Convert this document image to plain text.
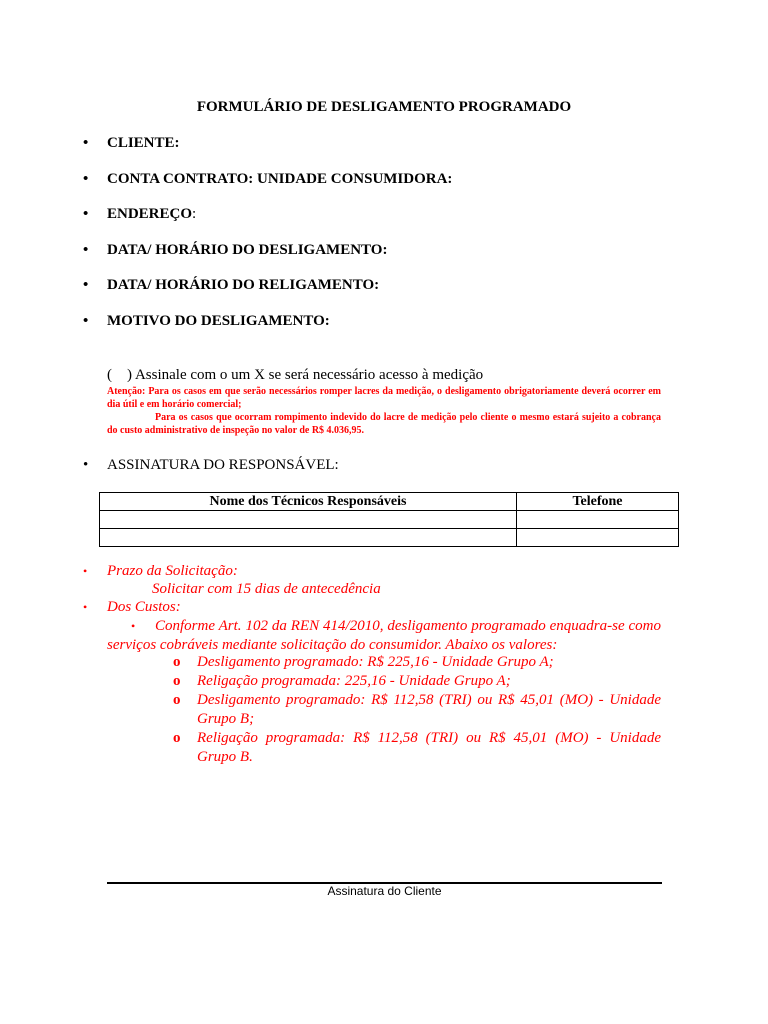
FORMULÁRIO DE DESLIGAMENTO PROGRAMADO
• CLIENTE:
• CONTA CONTRATO: UNIDADE CONSUMIDORA:
• ENDEREÇO:
• DATA/ HORÁRIO DO DESLIGAMENTO:
• DATA/ HORÁRIO DO RELIGAMENTO:
• MOTIVO DO DESLIGAMENTO:
(    ) Assinale com o um X se será necessário acesso à medição
Atenção: Para os casos em que serão necessários romper lacres da medição, o desligamento obrigatoriamente deverá ocorrer em dia útil e em horário comercial;
Para os casos que ocorram rompimento indevido do lacre de medição pelo cliente o mesmo estará sujeito a cobrança do custo administrativo de inspeção no valor de R$ 4.036,95.
• ASSINATURA DO RESPONSÁVEL:
Nome dos Técnicos Responsáveis	Telefone

• Prazo da Solicitação:
Solicitar com 15 dias de antecedência
• Dos Custos:
• Conforme Art. 102 da REN 414/2010, desligamento programado enquadra-se como serviços cobráveis mediante solicitação do consumidor. Abaixo os valores:
o	Desligamento programado: R$ 225,16 - Unidade Grupo A;
o	Religação programada: 225,16 - Unidade Grupo A;
o	Desligamento programado: R$ 112,58 (TRI) ou R$ 45,01 (MO) - Unidade Grupo B;
o	Religação programada: R$ 112,58 (TRI) ou R$ 45,01 (MO) - Unidade Grupo B.
Assinatura do Cliente
